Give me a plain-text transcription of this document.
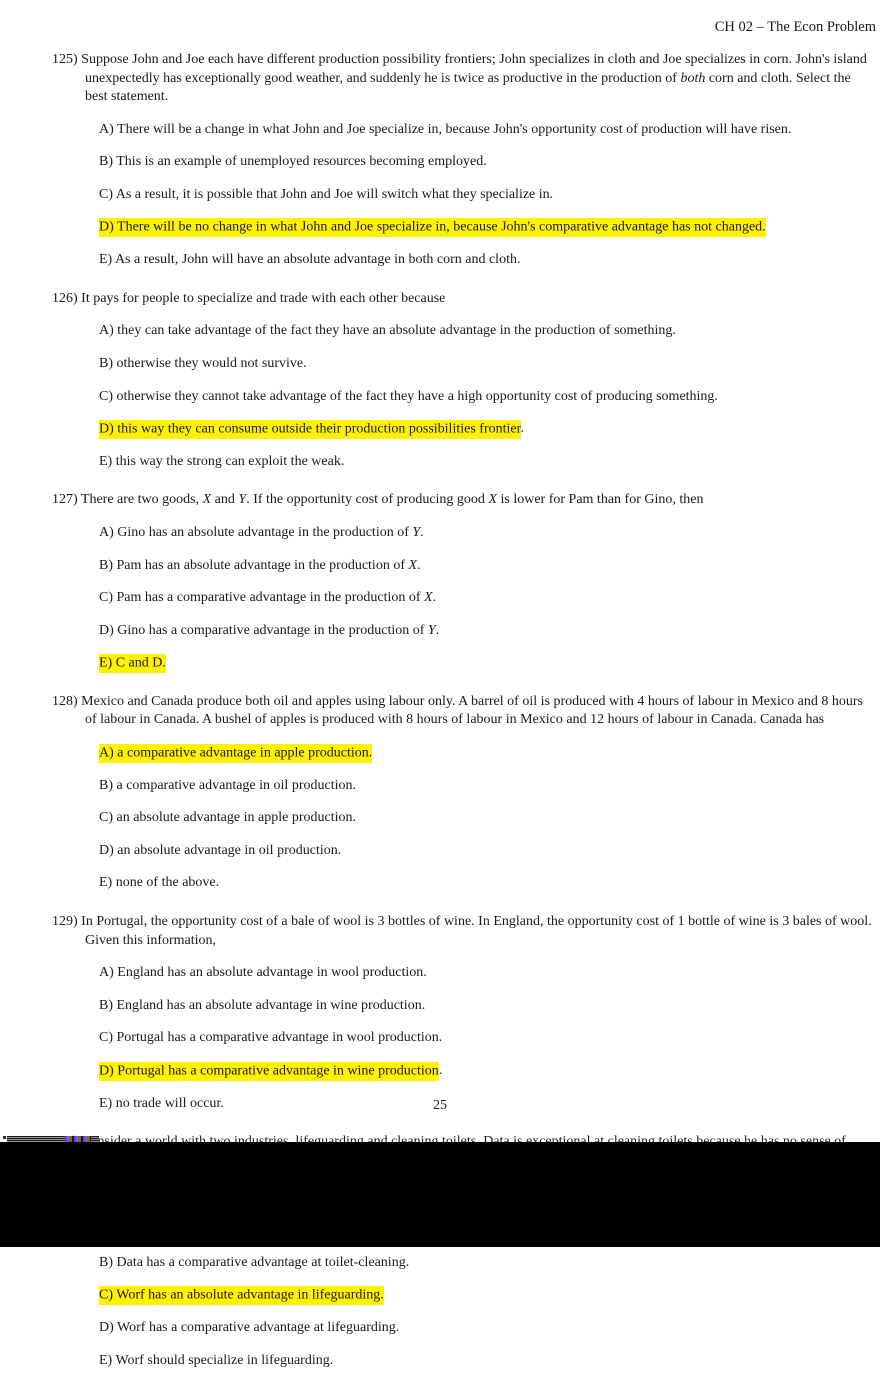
CH 02 – The Econ Problem

125) Suppose John and Joe each have different production possibility frontiers; John specializes in cloth and Joe specializes in corn. John's island unexpectedly has exceptionally good weather, and suddenly he is twice as productive in the production of both corn and cloth. Select the best statement.

A) There will be a change in what John and Joe specialize in, because John's opportunity cost of production will have risen.

B) This is an example of unemployed resources becoming employed.

C) As a result, it is possible that John and Joe will switch what they specialize in.

D) There will be no change in what John and Joe specialize in, because John's comparative advantage has not changed.

E) As a result, John will have an absolute advantage in both corn and cloth.

126) It pays for people to specialize and trade with each other because

A) they can take advantage of the fact they have an absolute advantage in the production of something.

B) otherwise they would not survive.

C) otherwise they cannot take advantage of the fact they have a high opportunity cost of producing something.

D) this way they can consume outside their production possibilities frontier.

E) this way the strong can exploit the weak.

127) There are two goods, X and Y. If the opportunity cost of producing good X is lower for Pam than for Gino, then

A) Gino has an absolute advantage in the production of Y.

B) Pam has an absolute advantage in the production of X.

C) Pam has a comparative advantage in the production of X.

D) Gino has a comparative advantage in the production of Y.

E) C and D.

128) Mexico and Canada produce both oil and apples using labour only. A barrel of oil is produced with 4 hours of labour in Mexico and 8 hours of labour in Canada. A bushel of apples is produced with 8 hours of labour in Mexico and 12 hours of labour in Canada. Canada has

A) a comparative advantage in apple production.

B) a comparative advantage in oil production.

C) an absolute advantage in apple production.

D) an absolute advantage in oil production.

E) none of the above.

129) In Portugal, the opportunity cost of a bale of wool is 3 bottles of wine. In England, the opportunity cost of 1 bottle of wine is 3 bales of wool. Given this information,

A) England has an absolute advantage in wool production.

B) England has an absolute advantage in wine production.

C) Portugal has a comparative advantage in wool production.

D) Portugal has a comparative advantage in wine production.

E) no trade will occur.

B) Data has a comparative advantage at toilet-cleaning.

C) Worf has an absolute advantage in lifeguarding.

D) Worf has a comparative advantage at lifeguarding.

E) Worf should specialize in lifeguarding.

25
